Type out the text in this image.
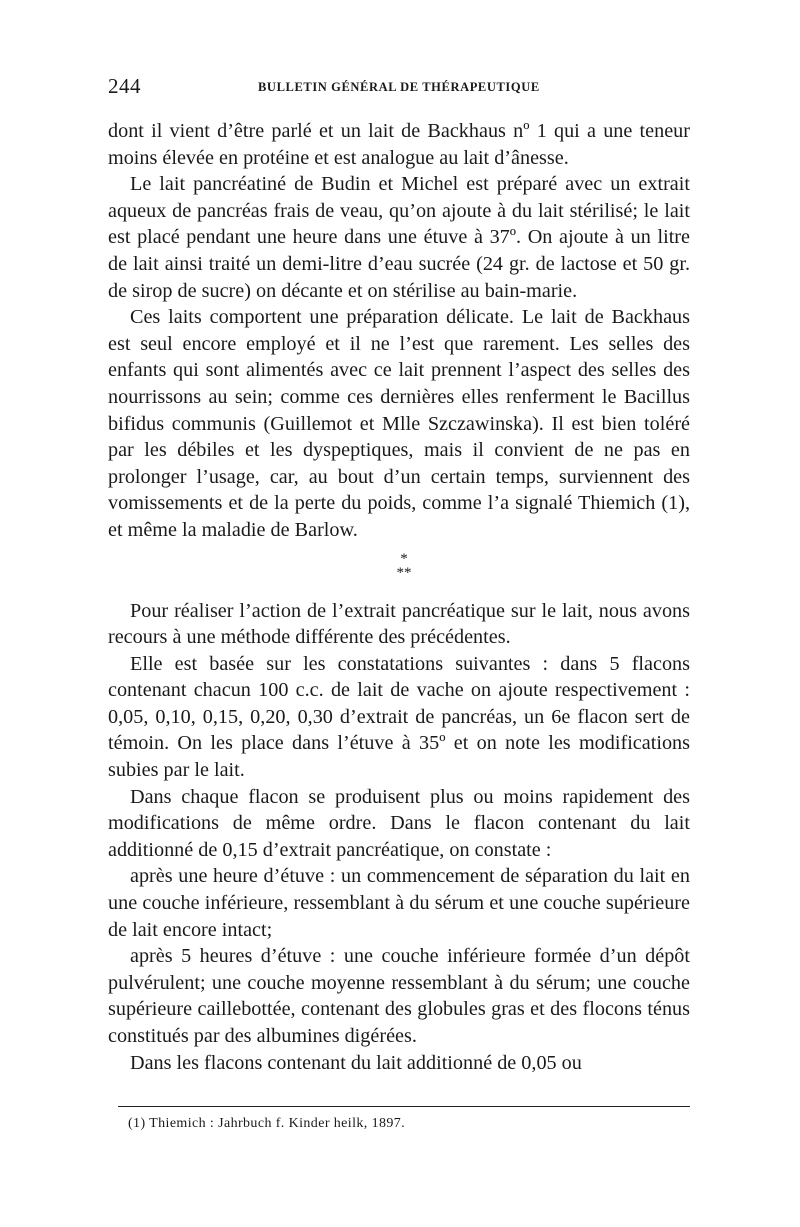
244	BULLETIN GÉNÉRAL DE THÉRAPEUTIQUE

dont il vient d’être parlé et un lait de Backhaus nº 1 qui a une teneur moins élevée en protéine et est analogue au lait d’ânesse.

Le lait pancréatiné de Budin et Michel est préparé avec un extrait aqueux de pancréas frais de veau, qu’on ajoute à du lait stérilisé; le lait est placé pendant une heure dans une étuve à 37º. On ajoute à un litre de lait ainsi traité un demi-litre d’eau sucrée (24 gr. de lactose et 50 gr. de sirop de sucre) on décante et on stérilise au bain-marie.

Ces laits comportent une préparation délicate. Le lait de Backhaus est seul encore employé et il ne l’est que rarement. Les selles des enfants qui sont alimentés avec ce lait prennent l’aspect des selles des nourrissons au sein; comme ces dernières elles renferment le Bacillus bifidus communis (Guillemot et Mlle Szczawinska). Il est bien toléré par les débiles et les dyspeptiques, mais il convient de ne pas en prolonger l’usage, car, au bout d’un certain temps, surviennent des vomissements et de la perte du poids, comme l’a signalé Thiemich (1), et même la maladie de Barlow.

*
**

Pour réaliser l’action de l’extrait pancréatique sur le lait, nous avons recours à une méthode différente des précédentes.

Elle est basée sur les constatations suivantes : dans 5 flacons contenant chacun 100 c.c. de lait de vache on ajoute respectivement : 0,05, 0,10, 0,15, 0,20, 0,30 d’extrait de pancréas, un 6e flacon sert de témoin. On les place dans l’étuve à 35º et on note les modifications subies par le lait.

Dans chaque flacon se produisent plus ou moins rapidement des modifications de même ordre. Dans le flacon contenant du lait additionné de 0,15 d’extrait pancréatique, on constate :

après une heure d’étuve : un commencement de séparation du lait en une couche inférieure, ressemblant à du sérum et une couche supérieure de lait encore intact;

après 5 heures d’étuve : une couche inférieure formée d’un dépôt pulvérulent; une couche moyenne ressemblant à du sérum; une couche supérieure caillebottée, contenant des globules gras et des flocons ténus constitués par des albumines digérées.

Dans les flacons contenant du lait additionné de 0,05 ou

(1) Thiemich : Jahrbuch f. Kinder heilk, 1897.
